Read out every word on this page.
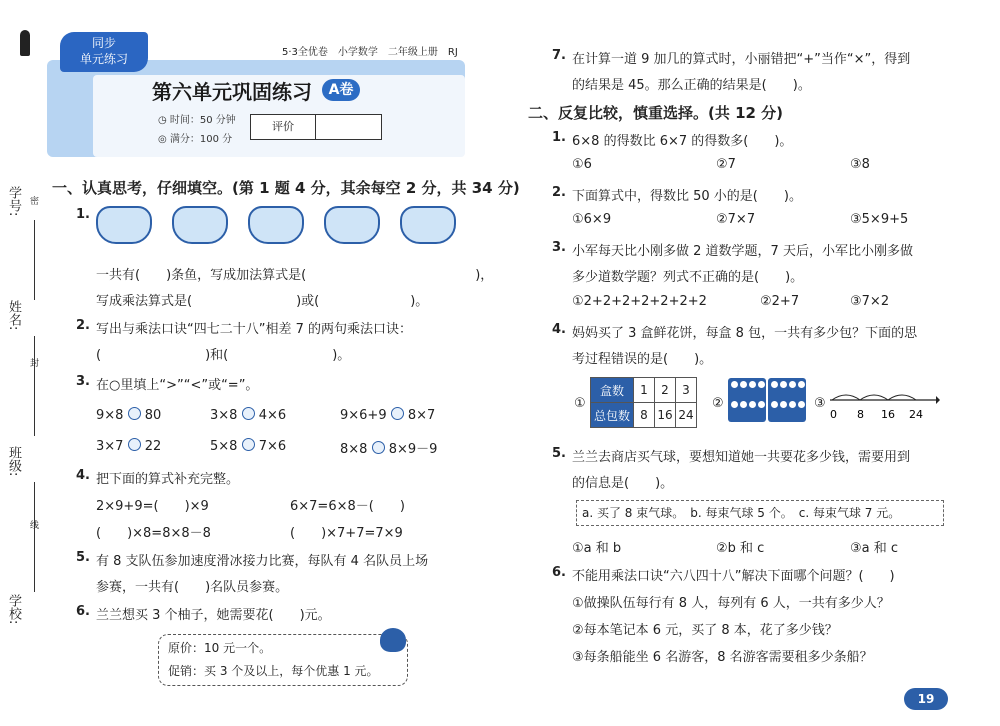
学号:
姓名:
班级:
学校:
密
封
线
同步
单元练习	5·3全优卷　小学数学　二年级上册　RJ
第六单元巩固练习	A卷
◷ 时间：50 分钟
◎ 满分：100 分
评价
一、认真思考，仔细填空。(第 1 题 4 分，其余每空 2 分，共 34 分)
1.
一共有(　　)条鱼，写成加法算式是(　　　　　　　　　　　　　)，
写成乘法算式是(　　　　　　　　)或(　　　　　　　)。
2. 写出与乘法口诀“四七二十八”相差 7 的两句乘法口诀：
(　　　　　　　　)和(　　　　　　　　)。
3. 在○里填上“>”“<”或“=”。
9×8 80	3×8 4×6	9×6+9 8×7
3×7 22	5×8 7×6	8×8 8×9－9
4. 把下面的算式补充完整。
2×9+9=(　　)×9	6×7=6×8－(　　)
(　　)×8=8×8－8	(　　)×7+7=7×9
5. 有 8 支队伍参加速度滑冰接力比赛，每队有 4 名队员上场
参赛，一共有(　　)名队员参赛。
6. 兰兰想买 3 个柚子，她需要花(　　)元。
原价：10 元一个。
促销：买 3 个及以上，每个优惠 1 元。
7. 在计算一道 9 加几的算式时，小丽错把“+”当作“×”，得到
的结果是 45。那么正确的结果是(　　)。
二、反复比较，慎重选择。(共 12 分)
1. 6×8 的得数比 6×7 的得数多(　　)。
①6	②7	③8
2. 下面算式中，得数比 50 小的是(　　)。
①6×9	②7×7	③5×9+5
3. 小军每天比小刚多做 2 道数学题，7 天后，小军比小刚多做
多少道数学题？列式不正确的是(　　)。
①2+2+2+2+2+2+2	②2+7	③7×2
4. 妈妈买了 3 盒鲜花饼，每盒 8 包，一共有多少包？下面的思
考过程错误的是(　　)。
①
盒数	1	2	3
总包数	8	16	24
②	③
0 8 16 24
5. 兰兰去商店买气球，要想知道她一共要花多少钱，需要用到
的信息是(　　)。
a. 买了 8 束气球。　b. 每束气球 5 个。　c. 每束气球 7 元。
①a 和 b	②b 和 c	③a 和 c
6. 不能用乘法口诀“六八四十八”解决下面哪个问题？(　　)
①做操队伍每行有 8 人，每列有 6 人，一共有多少人？
②每本笔记本 6 元，买了 8 本，花了多少钱？
③每条船能坐 6 名游客，8 名游客需要租多少条船？
19
